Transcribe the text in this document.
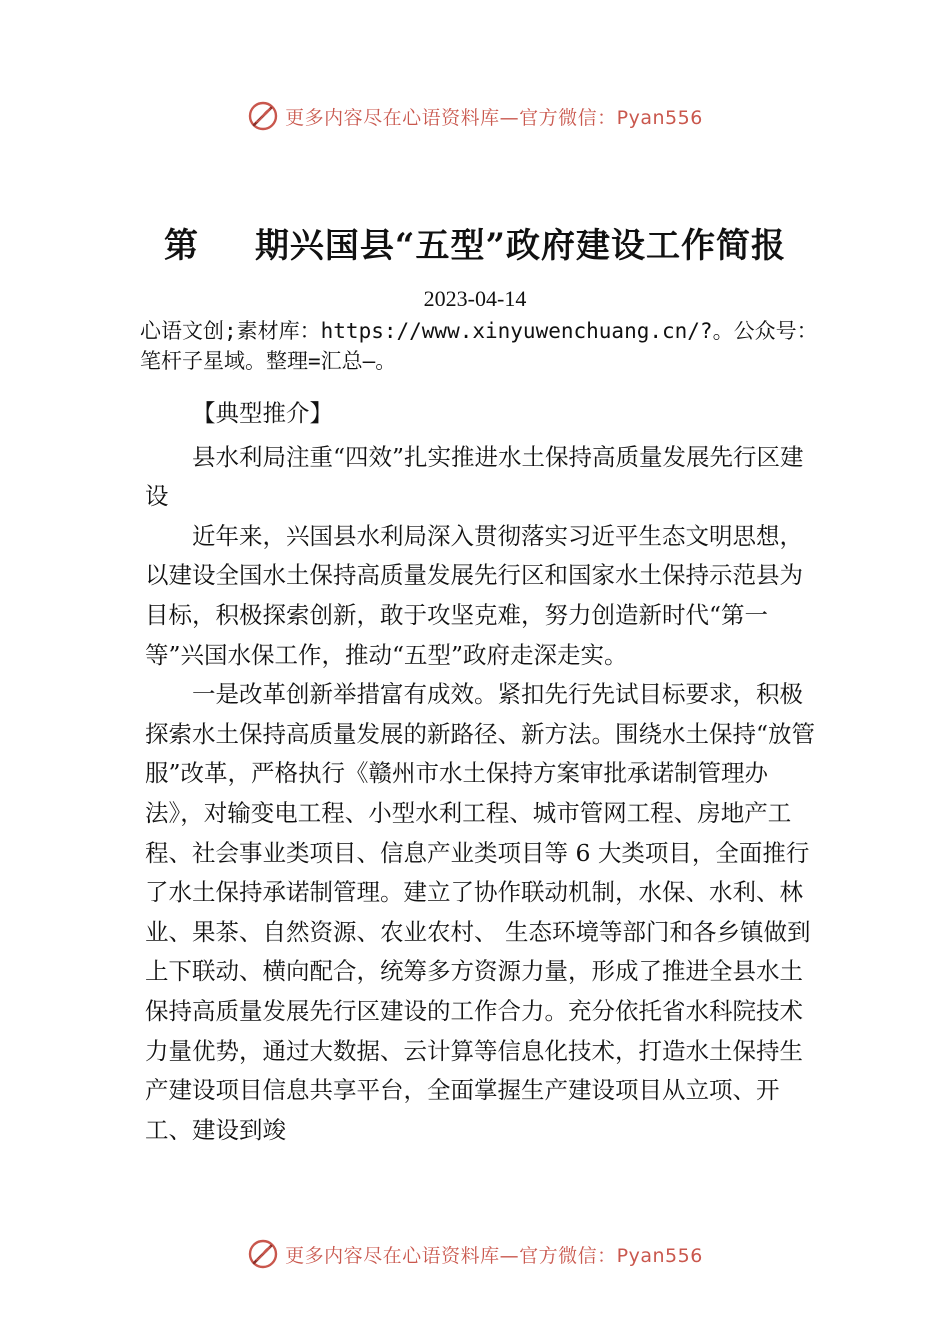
更多内容尽在心语资料库—官方微信：Pyan556
第 期兴国县“五型”政府建设工作简报
2023-04-14
心语文创;素材库：https://www.xinyuwenchuang.cn/?。公众号：笔杆子星域。整理=汇总—。

【典型推介】

县水利局注重“四效”扎实推进水土保持高质量发展先行区建设

近年来，兴国县水利局深入贯彻落实习近平生态文明思想，以建设全国水土保持高质量发展先行区和国家水土保持示范县为目标，积极探索创新，敢于攻坚克难，努力创造新时代“第一等”兴国水保工作，推动“五型”政府走深走实。

一是改革创新举措富有成效。紧扣先行先试目标要求，积极探索水土保持高质量发展的新路径、新方法。围绕水土保持“放管服”改革，严格执行《赣州市水土保持方案审批承诺制管理办法》，对输变电工程、小型水利工程、城市管网工程、房地产工程、社会事业类项目、信息产业类项目等 6 大类项目，全面推行了水土保持承诺制管理。建立了协作联动机制，水保、水利、林业、果茶、自然资源、农业农村、 生态环境等部门和各乡镇做到上下联动、横向配合，统筹多方资源力量，形成了推进全县水土保持高质量发展先行区建设的工作合力。充分依托省水科院技术力量优势，通过大数据、云计算等信息化技术，打造水土保持生产建设项目信息共享平台，全面掌握生产建设项目从立项、开工、建设到竣

更多内容尽在心语资料库—官方微信：Pyan556
